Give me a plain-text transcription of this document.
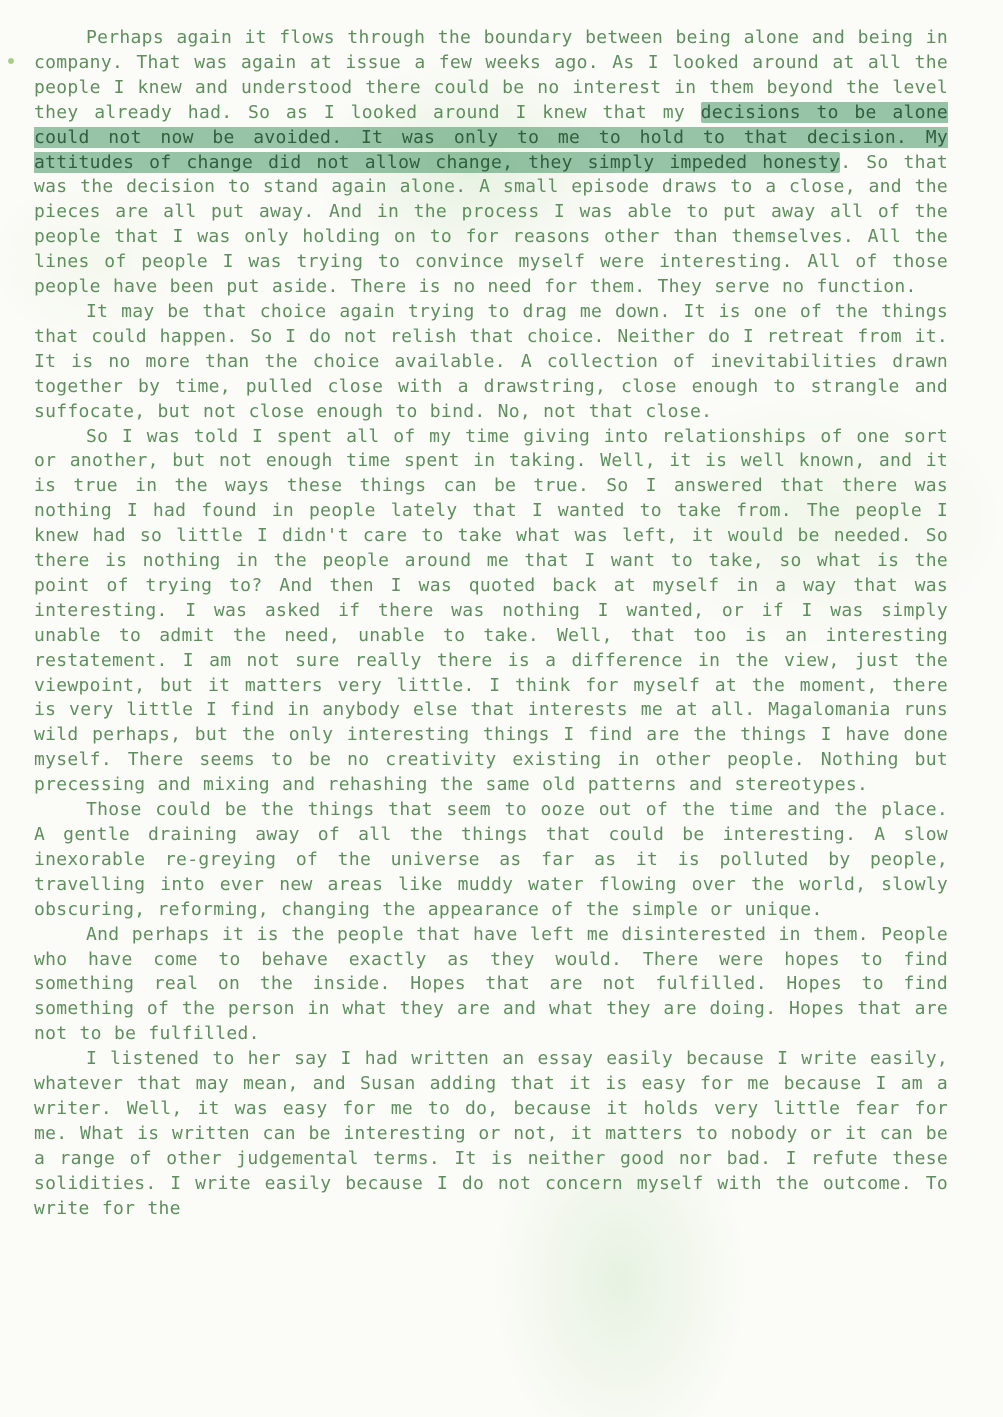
Perhaps again it flows through the boundary between being alone and being in company. That was again at issue a few weeks ago. As I looked around at all the people I knew and understood there could be no interest in them beyond the level they already had. So as I looked around I knew that my decisions to be alone could not now be avoided. It was only to me to hold to that decision. My attitudes of change did not allow change, they simply impeded honesty. So that was the decision to stand again alone. A small episode draws to a close, and the pieces are all put away. And in the process I was able to put away all of the people that I was only holding on to for reasons other than themselves. All the lines of people I was trying to convince myself were interesting. All of those people have been put aside. There is no need for them. They serve no function.

It may be that choice again trying to drag me down. It is one of the things that could happen. So I do not relish that choice. Neither do I retreat from it. It is no more than the choice available. A collection of inevitabilities drawn together by time, pulled close with a drawstring, close enough to strangle and suffocate, but not close enough to bind. No, not that close.

So I was told I spent all of my time giving into relationships of one sort or another, but not enough time spent in taking. Well, it is well known, and it is true in the ways these things can be true. So I answered that there was nothing I had found in people lately that I wanted to take from. The people I knew had so little I didn't care to take what was left, it would be needed. So there is nothing in the people around me that I want to take, so what is the point of trying to? And then I was quoted back at myself in a way that was interesting. I was asked if there was nothing I wanted, or if I was simply unable to admit the need, unable to take. Well, that too is an interesting restatement. I am not sure really there is a difference in the view, just the viewpoint, but it matters very little. I think for myself at the moment, there is very little I find in anybody else that interests me at all. Magalomania runs wild perhaps, but the only interesting things I find are the things I have done myself. There seems to be no creativity existing in other people. Nothing but precessing and mixing and rehashing the same old patterns and stereotypes.

Those could be the things that seem to ooze out of the time and the place. A gentle draining away of all the things that could be interesting. A slow inexorable re-greying of the universe as far as it is polluted by people, travelling into ever new areas like muddy water flowing over the world, slowly obscuring, reforming, changing the appearance of the simple or unique.

And perhaps it is the people that have left me disinterested in them. People who have come to behave exactly as they would. There were hopes to find something real on the inside. Hopes that are not fulfilled. Hopes to find something of the person in what they are and what they are doing. Hopes that are not to be fulfilled.

I listened to her say I had written an essay easily because I write easily, whatever that may mean, and Susan adding that it is easy for me because I am a writer. Well, it was easy for me to do, because it holds very little fear for me. What is written can be interesting or not, it matters to nobody or it can be a range of other judgemental terms. It is neither good nor bad. I refute these solidities. I write easily because I do not concern myself with the outcome. To write for the
